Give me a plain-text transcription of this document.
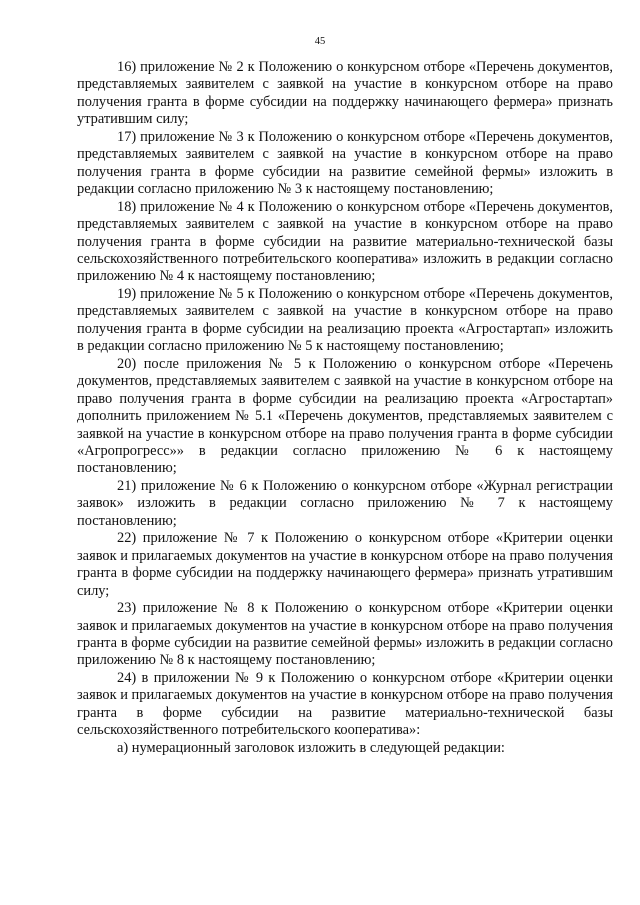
45

16) приложение № 2 к Положению о конкурсном отборе «Перечень документов, представляемых заявителем с заявкой на участие в конкурсном отборе на право получения гранта в форме субсидии на поддержку начинающего фермера» признать утратившим силу;

17) приложение № 3 к Положению о конкурсном отборе «Перечень документов, представляемых заявителем с заявкой на участие в конкурсном отборе на право получения гранта в форме субсидии на развитие семейной фермы» изложить в редакции согласно приложению № 3 к настоящему постановлению;

18) приложение № 4 к Положению о конкурсном отборе «Перечень документов, представляемых заявителем с заявкой на участие в конкурсном отборе на право получения гранта в форме субсидии на развитие материально-технической базы сельскохозяйственного потребительского кооператива» изложить в редакции согласно приложению № 4 к настоящему постановлению;

19) приложение № 5 к Положению о конкурсном отборе «Перечень документов, представляемых заявителем с заявкой на участие в конкурсном отборе на право получения гранта в форме субсидии на реализацию проекта «Агростартап» изложить в редакции согласно приложению № 5 к настоящему постановлению;

20) после приложения № 5 к Положению о конкурсном отборе «Перечень документов, представляемых заявителем с заявкой на участие в конкурсном отборе на право получения гранта в форме субсидии на реализацию проекта «Агростартап» дополнить приложением № 5.1 «Перечень документов, представляемых заявителем с заявкой на участие в конкурсном отборе на право получения гранта в форме субсидии «Агропрогресс»» в редакции согласно приложению № 6 к настоящему постановлению;

21) приложение № 6 к Положению о конкурсном отборе «Журнал регистрации заявок» изложить в редакции согласно приложению № 7 к настоящему постановлению;

22) приложение № 7 к Положению о конкурсном отборе «Критерии оценки заявок и прилагаемых документов на участие в конкурсном отборе на право получения гранта в форме субсидии на поддержку начинающего фермера» признать утратившим силу;

23) приложение № 8 к Положению о конкурсном отборе «Критерии оценки заявок и прилагаемых документов на участие в конкурсном отборе на право получения гранта в форме субсидии на развитие семейной фермы» изложить в редакции согласно приложению № 8 к настоящему постановлению;

24) в приложении № 9 к Положению о конкурсном отборе «Критерии оценки заявок и прилагаемых документов на участие в конкурсном отборе на право получения гранта в форме субсидии на развитие материально-технической базы сельскохозяйственного потребительского кооператива»:

а) нумерационный заголовок изложить в следующей редакции:
